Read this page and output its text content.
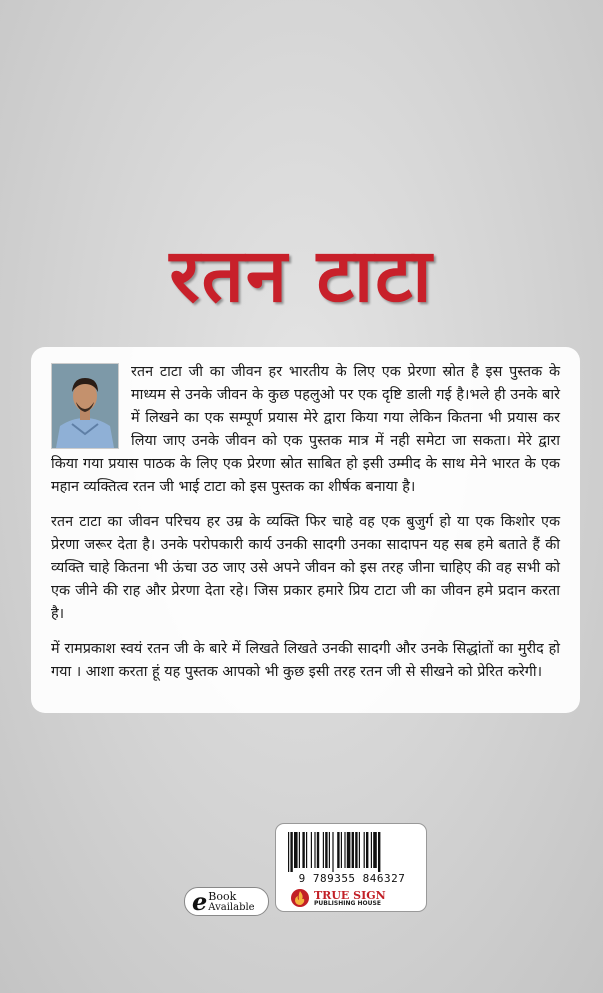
रतन टाटा

रतन टाटा जी का जीवन हर भारतीय के लिए एक प्रेरणा स्रोत है इस पुस्तक के माध्यम से उनके जीवन के कुछ पहलुओ पर एक दृष्टि डाली गई है।भले ही उनके बारे में लिखने का एक सम्पूर्ण प्रयास मेरे द्वारा किया गया लेकिन कितना भी प्रयास कर लिया जाए उनके जीवन को एक पुस्तक मात्र में नही समेटा जा सकता। मेरे द्वारा किया गया प्रयास पाठक के लिए एक प्रेरणा स्रोत साबित हो इसी उम्मीद के साथ मेने भारत के एक महान व्यक्तित्व रतन जी भाई टाटा को इस पुस्तक का शीर्षक बनाया है।

रतन टाटा का जीवन परिचय हर उम्र के व्यक्ति फिर चाहे वह एक बुजुर्ग हो या एक किशोर एक प्रेरणा जरूर देता है। उनके परोपकारी कार्य उनकी सादगी उनका सादापन यह सब हमे बताते हैं की व्यक्ति चाहे कितना भी ऊंचा उठ जाए उसे अपने जीवन को इस तरह जीना चाहिए की वह सभी को एक जीने की राह और प्रेरणा देता रहे। जिस प्रकार हमारे प्रिय टाटा जी का जीवन हमे प्रदान करता है।

में रामप्रकाश स्वयं रतन जी के बारे में लिखते लिखते उनकी सादगी और उनके सिद्धांतों का मुरीद हो गया । आशा करता हूं यह पुस्तक आपको भी कुछ इसी तरह रतन जी से सीखने को प्रेरित करेगी।

9 789355 846327
TRUE SIGN
PUBLISHING HOUSE
e Book
Available
